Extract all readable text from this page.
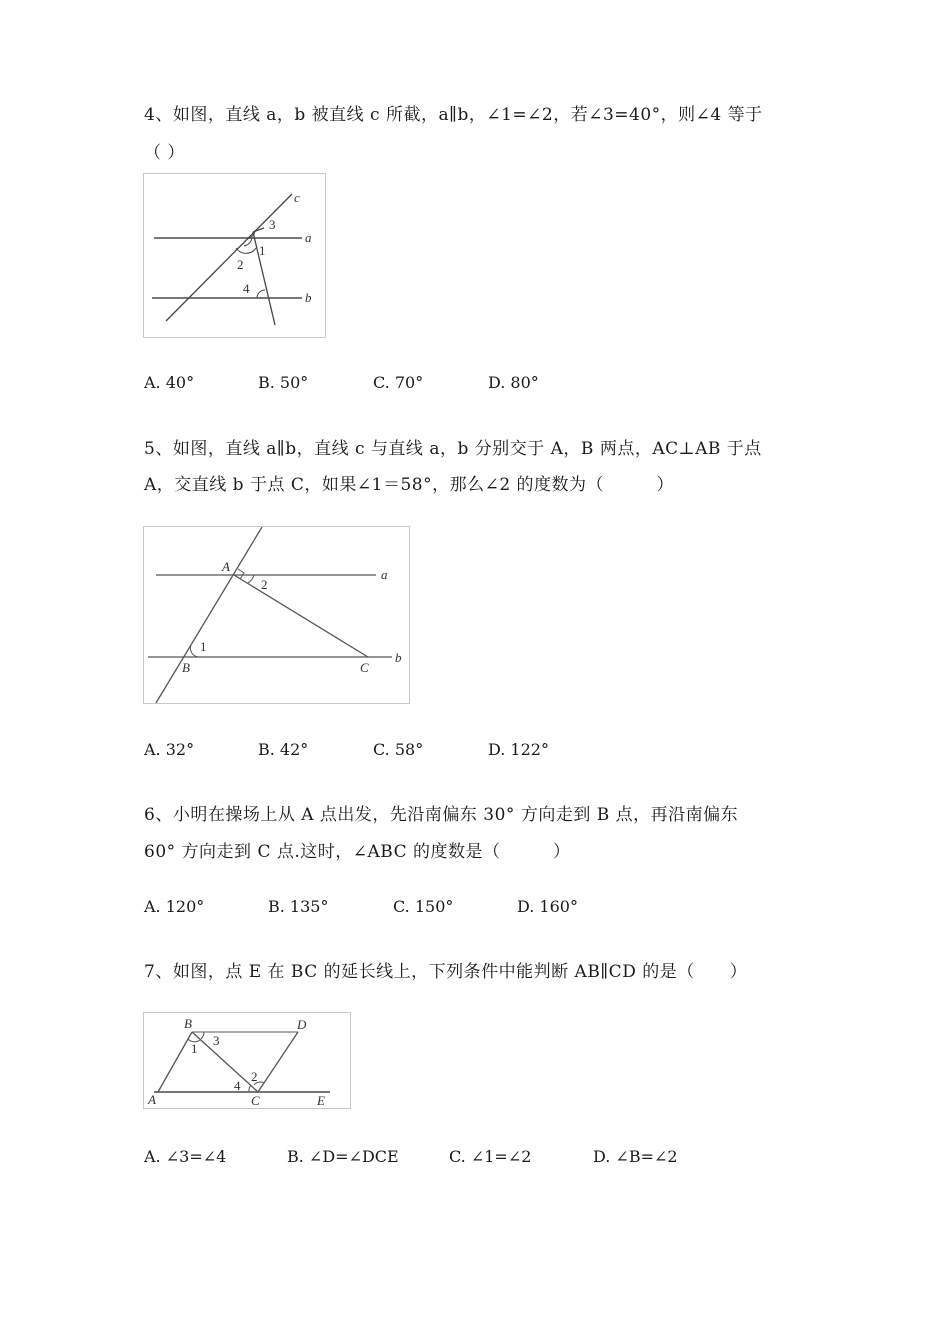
4、如图，直线 a，b 被直线 c 所截，a∥b，∠1=∠2，若∠3=40°，则∠4 等于
（ ）
c
a
b
3
1
2
4
A. 40°	B. 50°	C. 70°	D. 80°
5、如图，直线 a∥b，直线 c 与直线 a，b 分别交于 A，B 两点，AC⊥AB 于点
A，交直线 b 于点 C，如果∠1＝58°，那么∠2 的度数为（　　　）
A
B	C
a
b
1
2
A. 32°	B. 42°	C. 58°	D. 122°
6、小明在操场上从 A 点出发，先沿南偏东 30° 方向走到 B 点，再沿南偏东
60° 方向走到 C 点.这时，∠ABC 的度数是（　　　）
A. 120°	B. 135°	C. 150°	D. 160°
7、如图，点 E 在 BC 的延长线上，下列条件中能判断 AB∥CD 的是（　　）
B	D
A	C	E
1
3
2
4
A. ∠3=∠4	B. ∠D=∠DCE	C. ∠1=∠2	D. ∠B=∠2
